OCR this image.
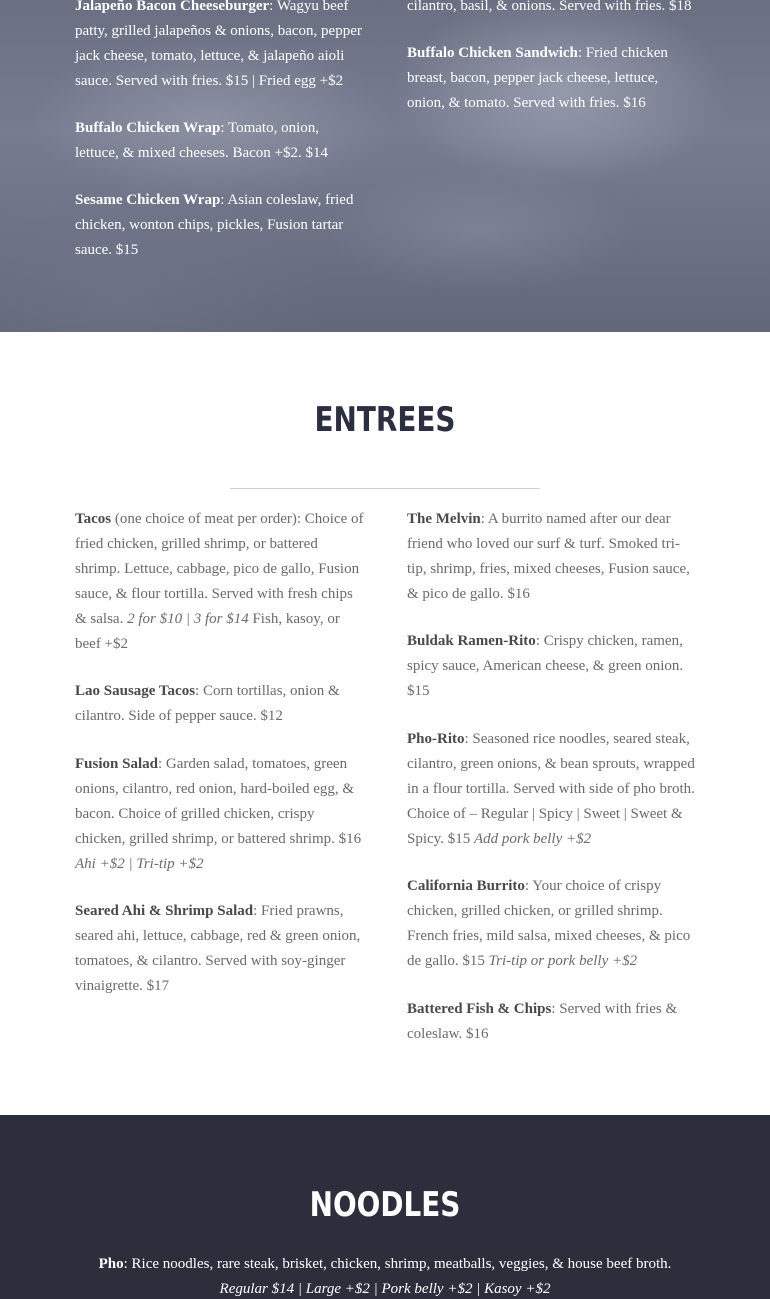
Jalapeño Bacon Cheeseburger: Wagyu beef patty, grilled jalapeños & onions, bacon, pepper jack cheese, tomato, lettuce, & jalapeño aioli sauce. Served with fries. $15 | Fried egg +$2

Buffalo Chicken Wrap: Tomato, onion, lettuce, & mixed cheeses. Bacon +$2. $14

Sesame Chicken Wrap: Asian coleslaw, fried chicken, wonton chips, pickles, Fusion tartar sauce. $15

cilantro, basil, & onions. Served with fries. $18

Buffalo Chicken Sandwich: Fried chicken breast, bacon, pepper jack cheese, lettuce, onion, & tomato. Served with fries. $16

ENTREES
Tacos (one choice of meat per order): Choice of fried chicken, grilled shrimp, or battered shrimp. Lettuce, cabbage, pico de gallo, Fusion sauce, & flour tortilla. Served with fresh chips & salsa. 2 for $10 | 3 for $14 Fish, kasoy, or beef +$2
Lao Sausage Tacos: Corn tortillas, onion & cilantro. Side of pepper sauce. $12
Fusion Salad: Garden salad, tomatoes, green onions, cilantro, red onion, hard-boiled egg, & bacon. Choice of grilled chicken, crispy chicken, grilled shrimp, or battered shrimp. $16 Ahi +$2 | Tri-tip +$2
Seared Ahi & Shrimp Salad: Fried prawns, seared ahi, lettuce, cabbage, red & green onion, tomatoes, & cilantro. Served with soy-ginger vinaigrette. $17
The Melvin: A burrito named after our dear friend who loved our surf & turf. Smoked tri-tip, shrimp, fries, mixed cheeses, Fusion sauce, & pico de gallo. $16
Buldak Ramen-Rito: Crispy chicken, ramen, spicy sauce, American cheese, & green onion. $15
Pho-Rito: Seasoned rice noodles, seared steak, cilantro, green onions, & bean sprouts, wrapped in a flour tortilla. Served with side of pho broth. Choice of – Regular | Spicy | Sweet | Sweet & Spicy. $15 Add pork belly +$2
California Burrito: Your choice of crispy chicken, grilled chicken, or grilled shrimp. French fries, mild salsa, mixed cheeses, & pico de gallo. $15 Tri-tip or pork belly +$2
Battered Fish & Chips: Served with fries & coleslaw. $16
NOODLES
Pho: Rice noodles, rare steak, brisket, chicken, shrimp, meatballs, veggies, & house beef broth.
Regular $14 | Large +$2 | Pork belly +$2 | Kasoy +$2
